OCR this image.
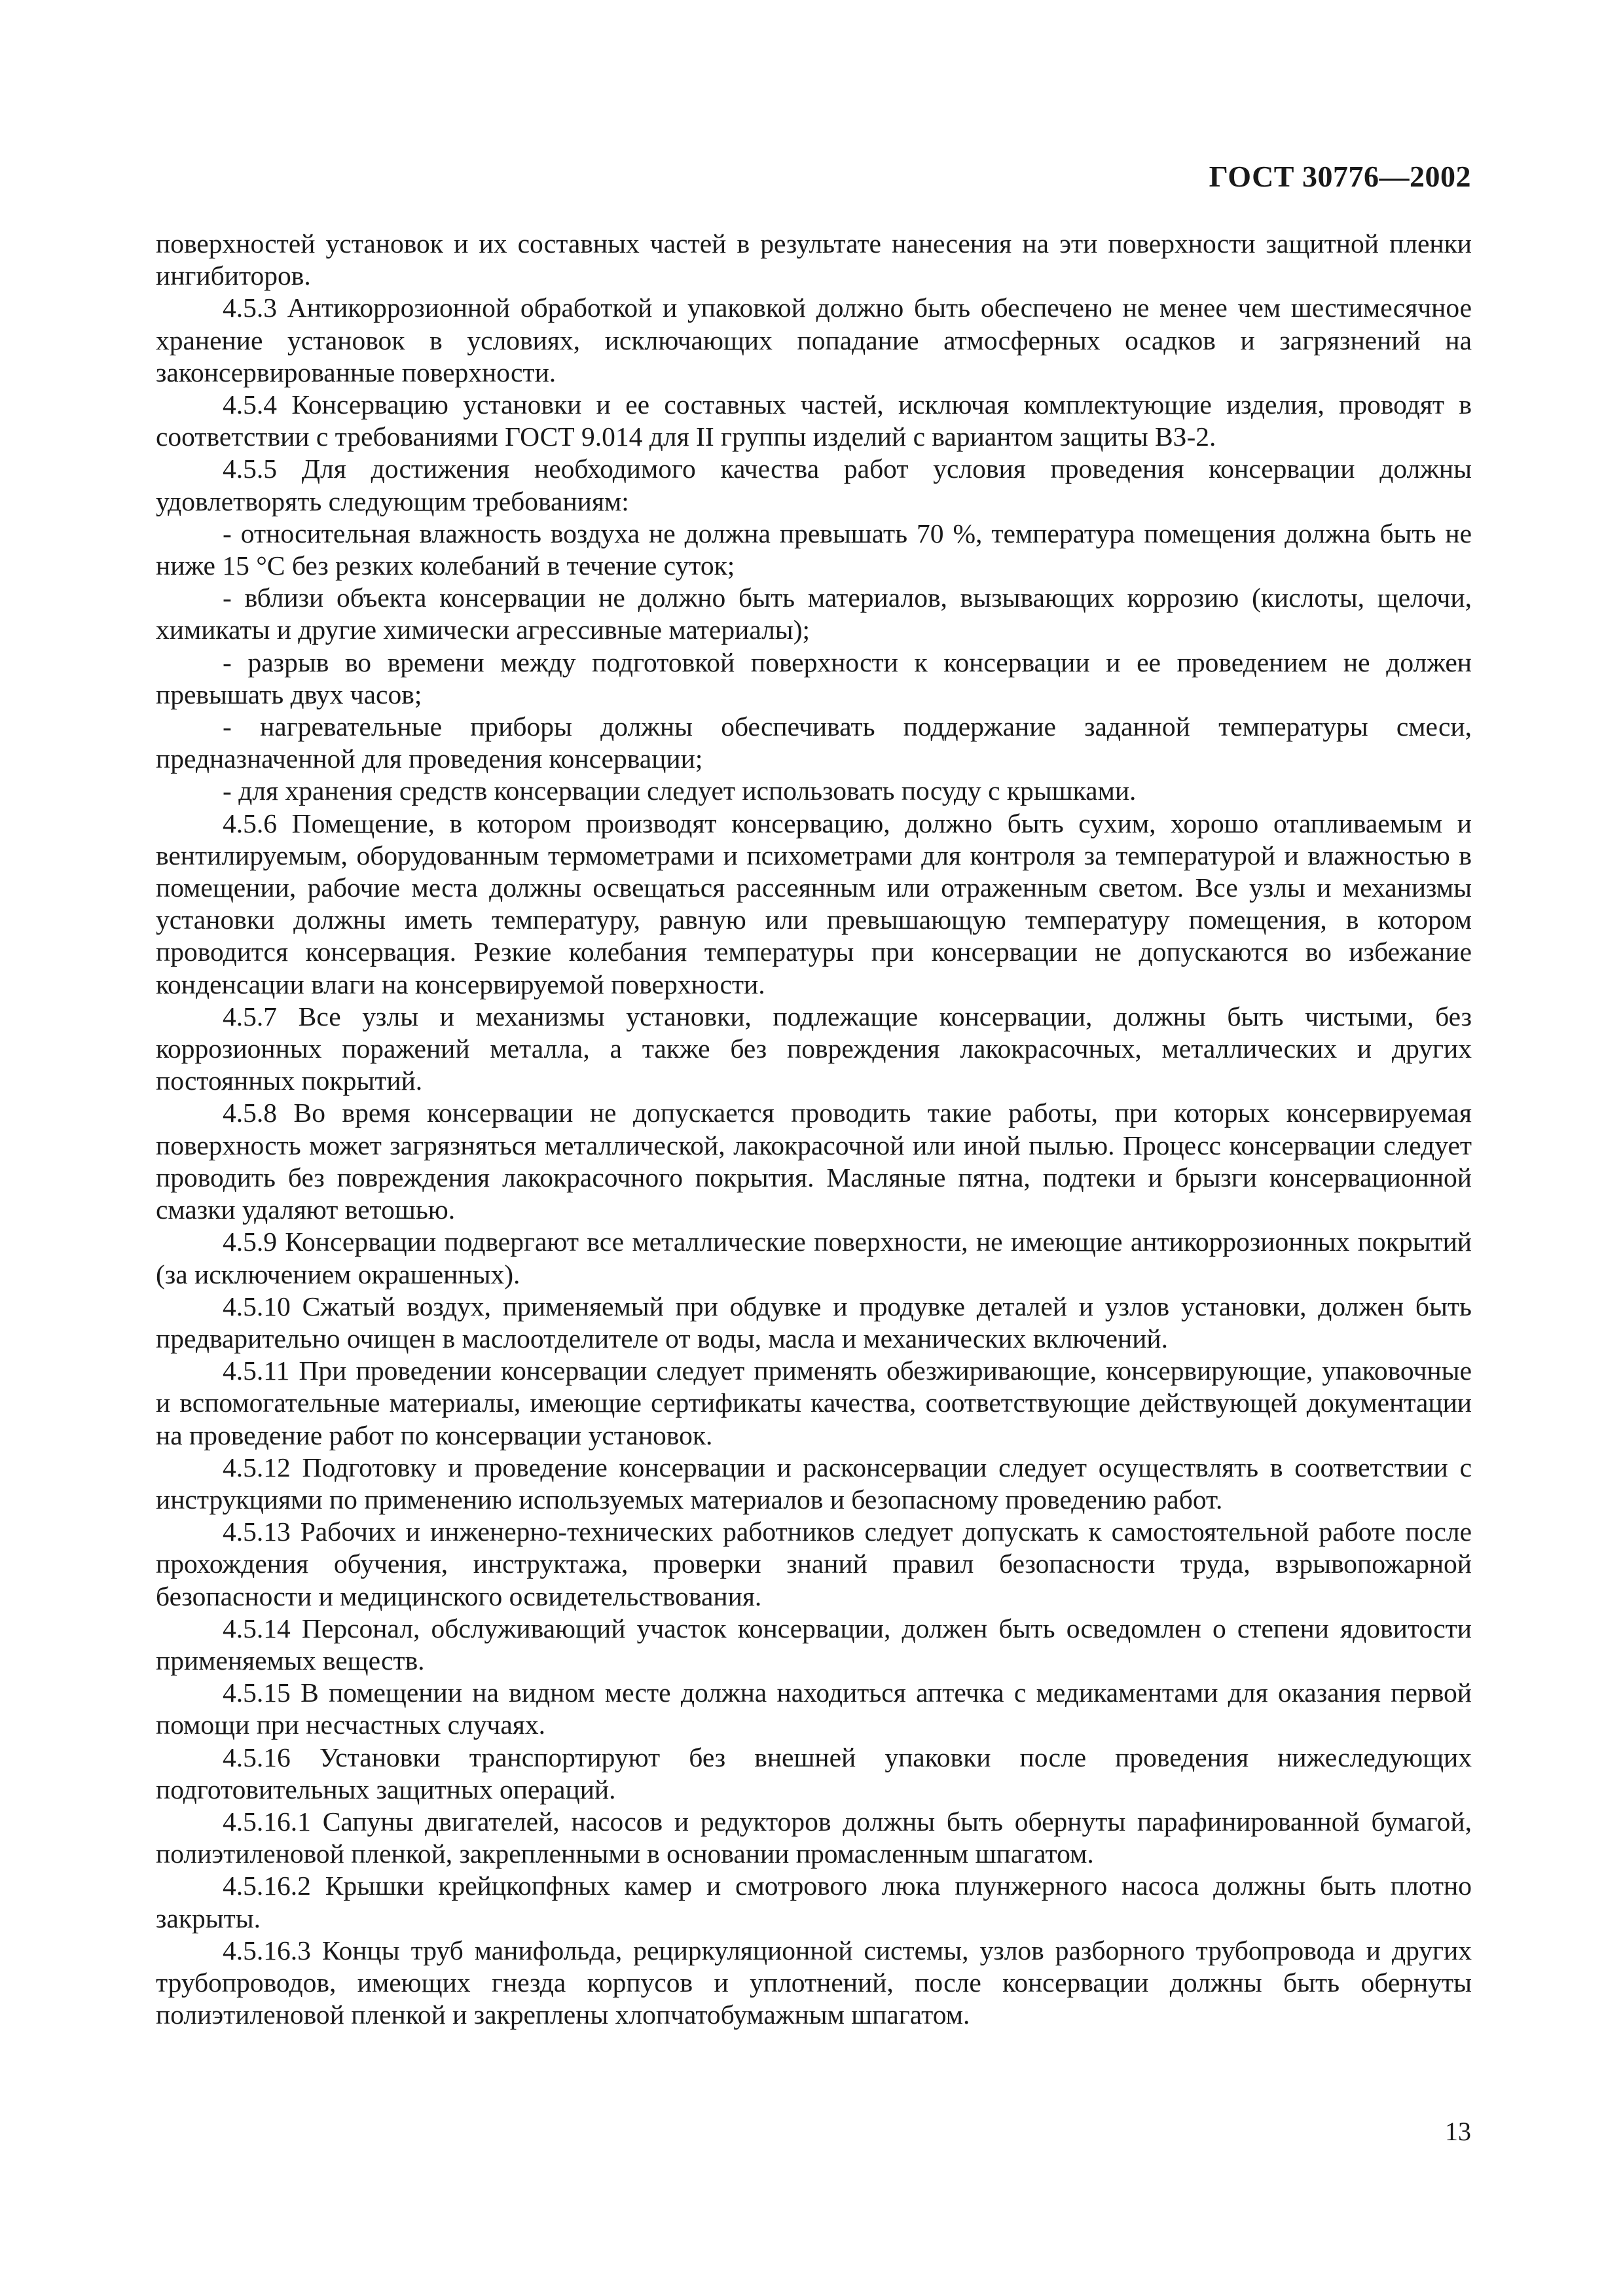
ГОСТ 30776—2002

поверхностей установок и их составных частей в результате нанесения на эти поверхности защитной пленки ингибиторов.

4.5.3 Антикоррозионной обработкой и упаковкой должно быть обеспечено не менее чем шестимесячное хранение установок в условиях, исключающих попадание атмосферных осадков и загрязнений на законсервированные поверхности.

4.5.4 Консервацию установки и ее составных частей, исключая комплектующие изделия, проводят в соответствии с требованиями ГОСТ 9.014 для II группы изделий с вариантом защиты ВЗ-2.

4.5.5 Для достижения необходимого качества работ условия проведения консервации должны удовлетворять следующим требованиям:

- относительная влажность воздуха не должна превышать 70 %, температура помещения должна быть не ниже 15 °С без резких колебаний в течение суток;

- вблизи объекта консервации не должно быть материалов, вызывающих коррозию (кислоты, щелочи, химикаты и другие химически агрессивные материалы);

- разрыв во времени между подготовкой поверхности к консервации и ее проведением не должен превышать двух часов;

- нагревательные приборы должны обеспечивать поддержание заданной температуры смеси, предназначенной для проведения консервации;

- для хранения средств консервации следует использовать посуду с крышками.

4.5.6 Помещение, в котором производят консервацию, должно быть сухим, хорошо отапливаемым и вентилируемым, оборудованным термометрами и психометрами для контроля за температурой и влажностью в помещении, рабочие места должны освещаться рассеянным или отраженным светом. Все узлы и механизмы установки должны иметь температуру, равную или превышающую температуру помещения, в котором проводится консервация. Резкие колебания температуры при консервации не допускаются во избежание конденсации влаги на консервируемой поверхности.

4.5.7 Все узлы и механизмы установки, подлежащие консервации, должны быть чистыми, без коррозионных поражений металла, а также без повреждения лакокрасочных, металлических и других постоянных покрытий.

4.5.8 Во время консервации не допускается проводить такие работы, при которых консервируемая поверхность может загрязняться металлической, лакокрасочной или иной пылью. Процесс консервации следует проводить без повреждения лакокрасочного покрытия. Масляные пятна, подтеки и брызги консервационной смазки удаляют ветошью.

4.5.9 Консервации подвергают все металлические поверхности, не имеющие антикоррозионных покрытий (за исключением окрашенных).

4.5.10 Сжатый воздух, применяемый при обдувке и продувке деталей и узлов установки, должен быть предварительно очищен в маслоотделителе от воды, масла и механических включений.

4.5.11 При проведении консервации следует применять обезжиривающие, консервирующие, упаковочные и вспомогательные материалы, имеющие сертификаты качества, соответствующие действующей документации на проведение работ по консервации установок.

4.5.12 Подготовку и проведение консервации и расконсервации следует осуществлять в соответствии с инструкциями по применению используемых материалов и безопасному проведению работ.

4.5.13 Рабочих и инженерно-технических работников следует допускать к самостоятельной работе после прохождения обучения, инструктажа, проверки знаний правил безопасности труда, взрывопожарной безопасности и медицинского освидетельствования.

4.5.14 Персонал, обслуживающий участок консервации, должен быть осведомлен о степени ядовитости применяемых веществ.

4.5.15 В помещении на видном месте должна находиться аптечка с медикаментами для оказания первой помощи при несчастных случаях.

4.5.16 Установки транспортируют без внешней упаковки после проведения нижеследующих подготовительных защитных операций.

4.5.16.1 Сапуны двигателей, насосов и редукторов должны быть обернуты парафинированной бумагой, полиэтиленовой пленкой, закрепленными в основании промасленным шпагатом.

4.5.16.2 Крышки крейцкопфных камер и смотрового люка плунжерного насоса должны быть плотно закрыты.

4.5.16.3 Концы труб манифольда, рециркуляционной системы, узлов разборного трубопровода и других трубопроводов, имеющих гнезда корпусов и уплотнений, после консервации должны быть обернуты полиэтиленовой пленкой и закреплены хлопчатобумажным шпагатом.

13
